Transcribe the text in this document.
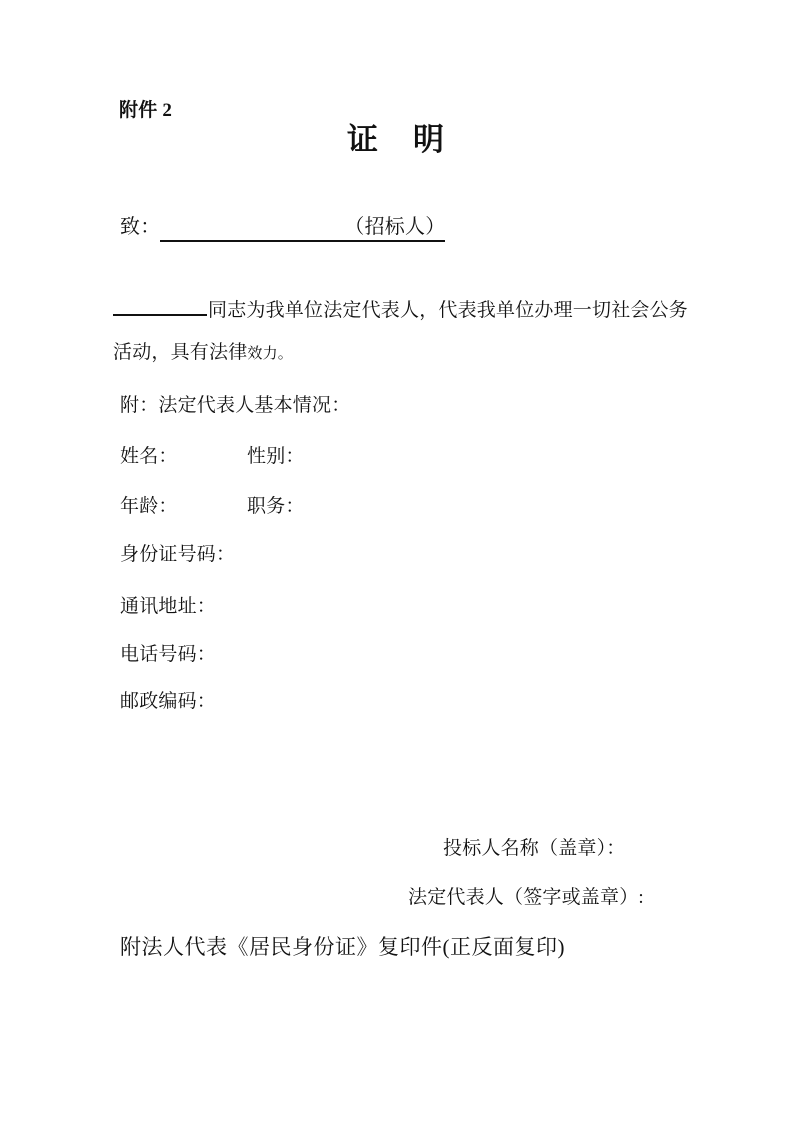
附件 2
证　明
致：	（招标人）
同志为我单位法定代表人，代表我单位办理一切社会公务
活动，具有法律效力。
附：法定代表人基本情况：
姓名：	性别：
年龄：	职务：
身份证号码：
通讯地址：
电话号码：
邮政编码：
投标人名称（盖章）：
法定代表人（签字或盖章）:
附法人代表《居民身份证》复印件(正反面复印)
